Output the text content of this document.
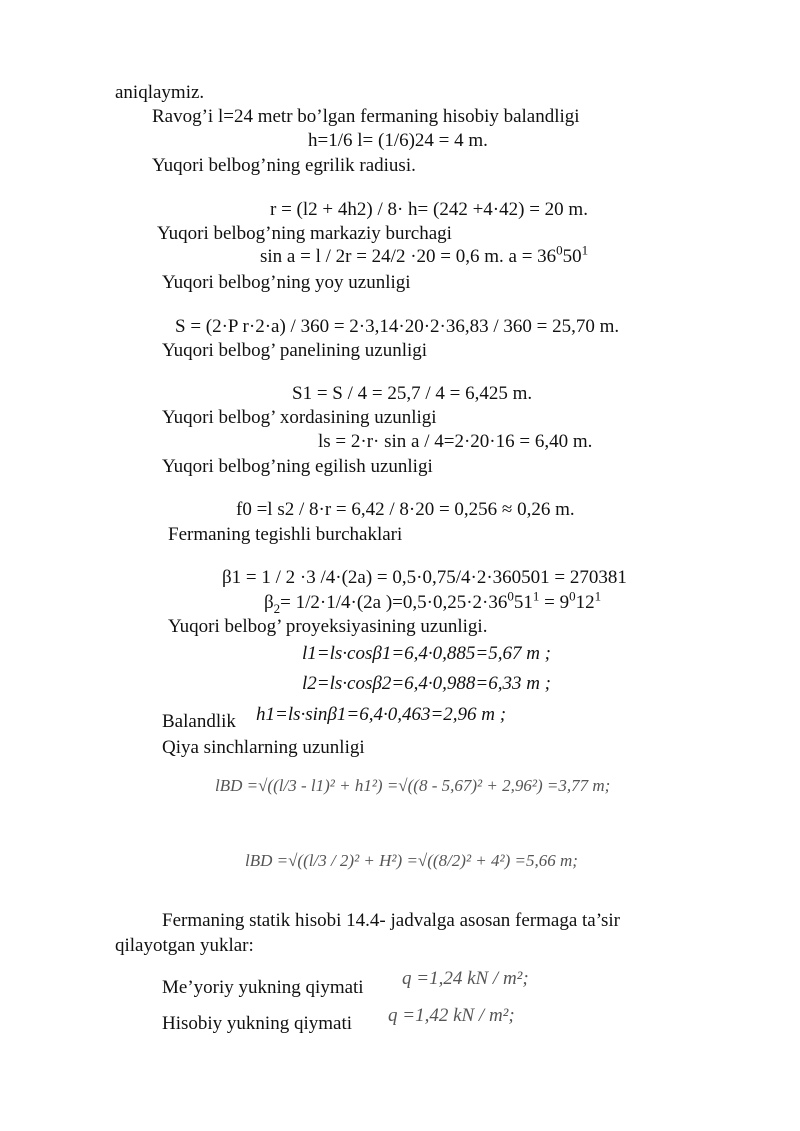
aniqlaymiz.
Ravog’i l=24 metr bo’lgan fermaning hisobiy balandligi
h=1/6 l= (1/6)24 = 4 m.
Yuqori belbog’ning egrilik radiusi.
r = (l2 + 4h2) / 8· h= (242 +4·42) = 20 m.
Yuqori belbog’ning markaziy burchagi
sin a = l / 2r = 24/2 ·20 = 0,6 m. $a = 36^050^1$
Yuqori belbog’ning yoy uzunligi
S = (2·P r·2·a) / 360 = 2·3,14·20·2·36,83 / 360 = 25,70 m.
Yuqori belbog’ panelining uzunligi
S1 = S / 4 = 25,7 / 4 = 6,425 m.
Yuqori belbog’ xordasining uzunligi
ls = 2·r· sin a / 4=2·20·16 = 6,40 m.
Yuqori belbog’ning egilish uzunligi
f0 =l s2 / 8·r = 6,42 / 8·20 = 0,256 ≈ 0,26 m.
Fermaning tegishli burchaklari
β1 = 1 / 2 ·3 /4·(2a) = 0,5·0,75/4·2·360501 = 270381
$\beta_2= 1/2\cdot 1/4\cdot(2a$ )$=0,5\cdot 0,25\cdot 2\cdot 36^051^1 = 9^012^1$
Yuqori belbog’ proyeksiyasining uzunligi.
l1=ls·cosβ1=6,4·0,885=5,67 m ;
l2=ls·cosβ2=6,4·0,988=6,33 m ;
Balandlik h1=ls·sinβ1=6,4·0,463=2,96 m ;
Qiya sinchlarning uzunligi
lBD =√((l/3 - l1)² + h1²) =√((8 - 5,67)² + 2,96²) =3,77 m;
lBD =√((l/3 / 2)² + H²) =√((8/2)² + 4²) =5,66 m;
Fermaning statik hisobi 14.4- jadvalga asosan fermaga ta’sir
qilayotgan yuklar:
Me’yoriy yukning qiymati q =1,24 kN / m²;
Hisobiy yukning qiymati q =1,42 kN / m²;
